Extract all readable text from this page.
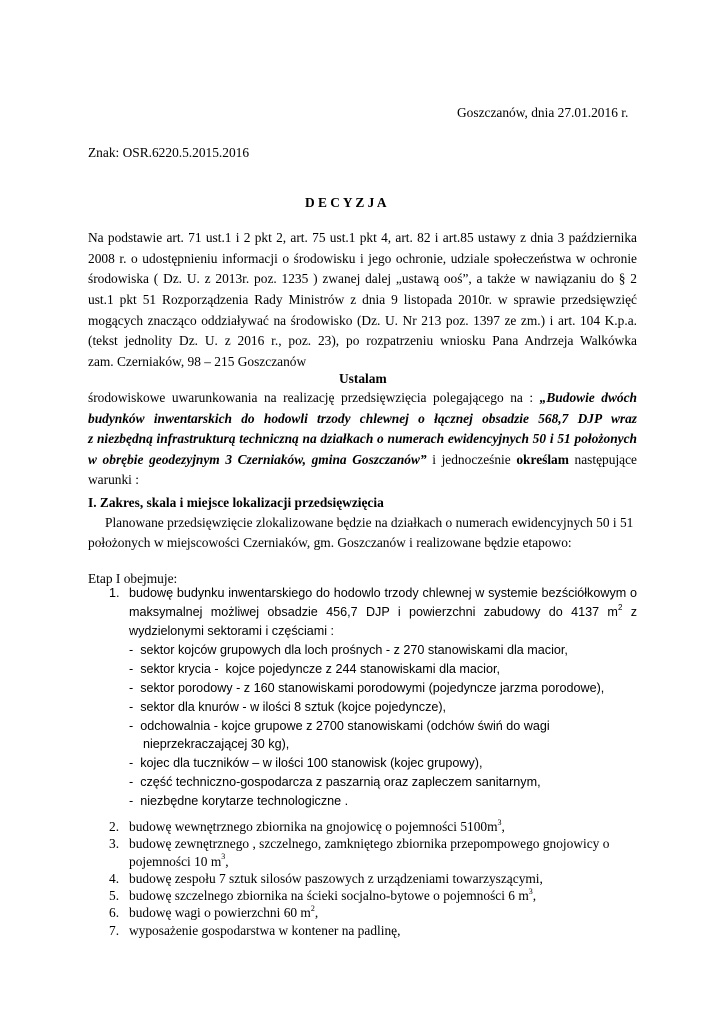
Goszczanów, dnia 27.01.2016 r.

Znak: OSR.6220.5.2015.2016

D E C Y Z J A

Na podstawie art. 71 ust.1 i 2 pkt 2, art. 75 ust.1 pkt 4, art. 82 i art.85 ustawy z dnia 3 października

2008 r. o udostępnieniu informacji o środowisku i jego ochronie, udziale społeczeństwa w ochronie

środowiska ( Dz. U. z 2013r. poz. 1235 ) zwanej dalej „ustawą ooś”, a także w nawiązaniu do § 2

ust.1 pkt 51 Rozporządzenia Rady Ministrów z dnia 9 listopada 2010r. w sprawie przedsięwzięć

mogących znacząco oddziaływać na środowisko (Dz. U. Nr 213 poz. 1397 ze zm.) i art. 104 K.p.a.

(tekst jednolity Dz. U. z 2016 r., poz. 23), po rozpatrzeniu wniosku Pana Andrzeja Walkówka

zam. Czerniaków, 98 – 215 Goszczanów

Ustalam

środowiskowe uwarunkowania na realizację przedsięwzięcia polegającego na : „Budowie dwóch

budynków inwentarskich do hodowli trzody chlewnej o łącznej obsadzie 568,7 DJP wraz

z niezbędną infrastrukturą techniczną na działkach o numerach ewidencyjnych 50 i 51 położonych

w obrębie geodezyjnym 3 Czerniaków, gmina Goszczanów” i jednocześnie określam następujące

warunki :

I. Zakres, skala i miejsce lokalizacji przedsięwzięcia

Planowane przedsięwzięcie zlokalizowane będzie na działkach o numerach ewidencyjnych 50 i 51

położonych w miejscowości Czerniaków, gm. Goszczanów i realizowane będzie etapowo:

Etap I obejmuje:

1. budowę budynku inwentarskiego do hodowlo trzody chlewnej w systemie bezściółkowym o

maksymalnej możliwej obsadzie 456,7 DJP i powierzchni zabudowy do 4137 $m^2$ z

wydzielonymi sektorami i częściami :

-  sektor kojców grupowych dla loch prośnych - z 270 stanowiskami dla macior,

-  sektor krycia -  kojce pojedyncze z 244 stanowiskami dla macior,

-  sektor porodowy - z 160 stanowiskami porodowymi (pojedyncze jarzma porodowe),

-  sektor dla knurów - w ilości 8 sztuk (kojce pojedyncze),

-  odchowalnia - kojce grupowe z 2700 stanowiskami (odchów świń do wagi

nieprzekraczającej 30 kg),

-  kojec dla tuczników – w ilości 100 stanowisk (kojec grupowy),

-  część techniczno-gospodarcza z paszarnią oraz zapleczem sanitarnym,

-  niezbędne korytarze technologiczne .

2. budowę wewnętrznego zbiornika na gnojowicę o pojemności $5100m^3$,
3. budowę zewnętrznego , szczelnego, zamkniętego zbiornika przepompowego gnojowicy o
pojemności 10 $m^3$,
4. budowę zespołu 7 sztuk silosów paszowych z urządzeniami towarzyszącymi,
5. budowę szczelnego zbiornika na ścieki socjalno-bytowe o pojemności 6 $m^3$,
6. budowę wagi o powierzchni 60 $m^2$,
7. wyposażenie gospodarstwa w kontener na padlinę,
